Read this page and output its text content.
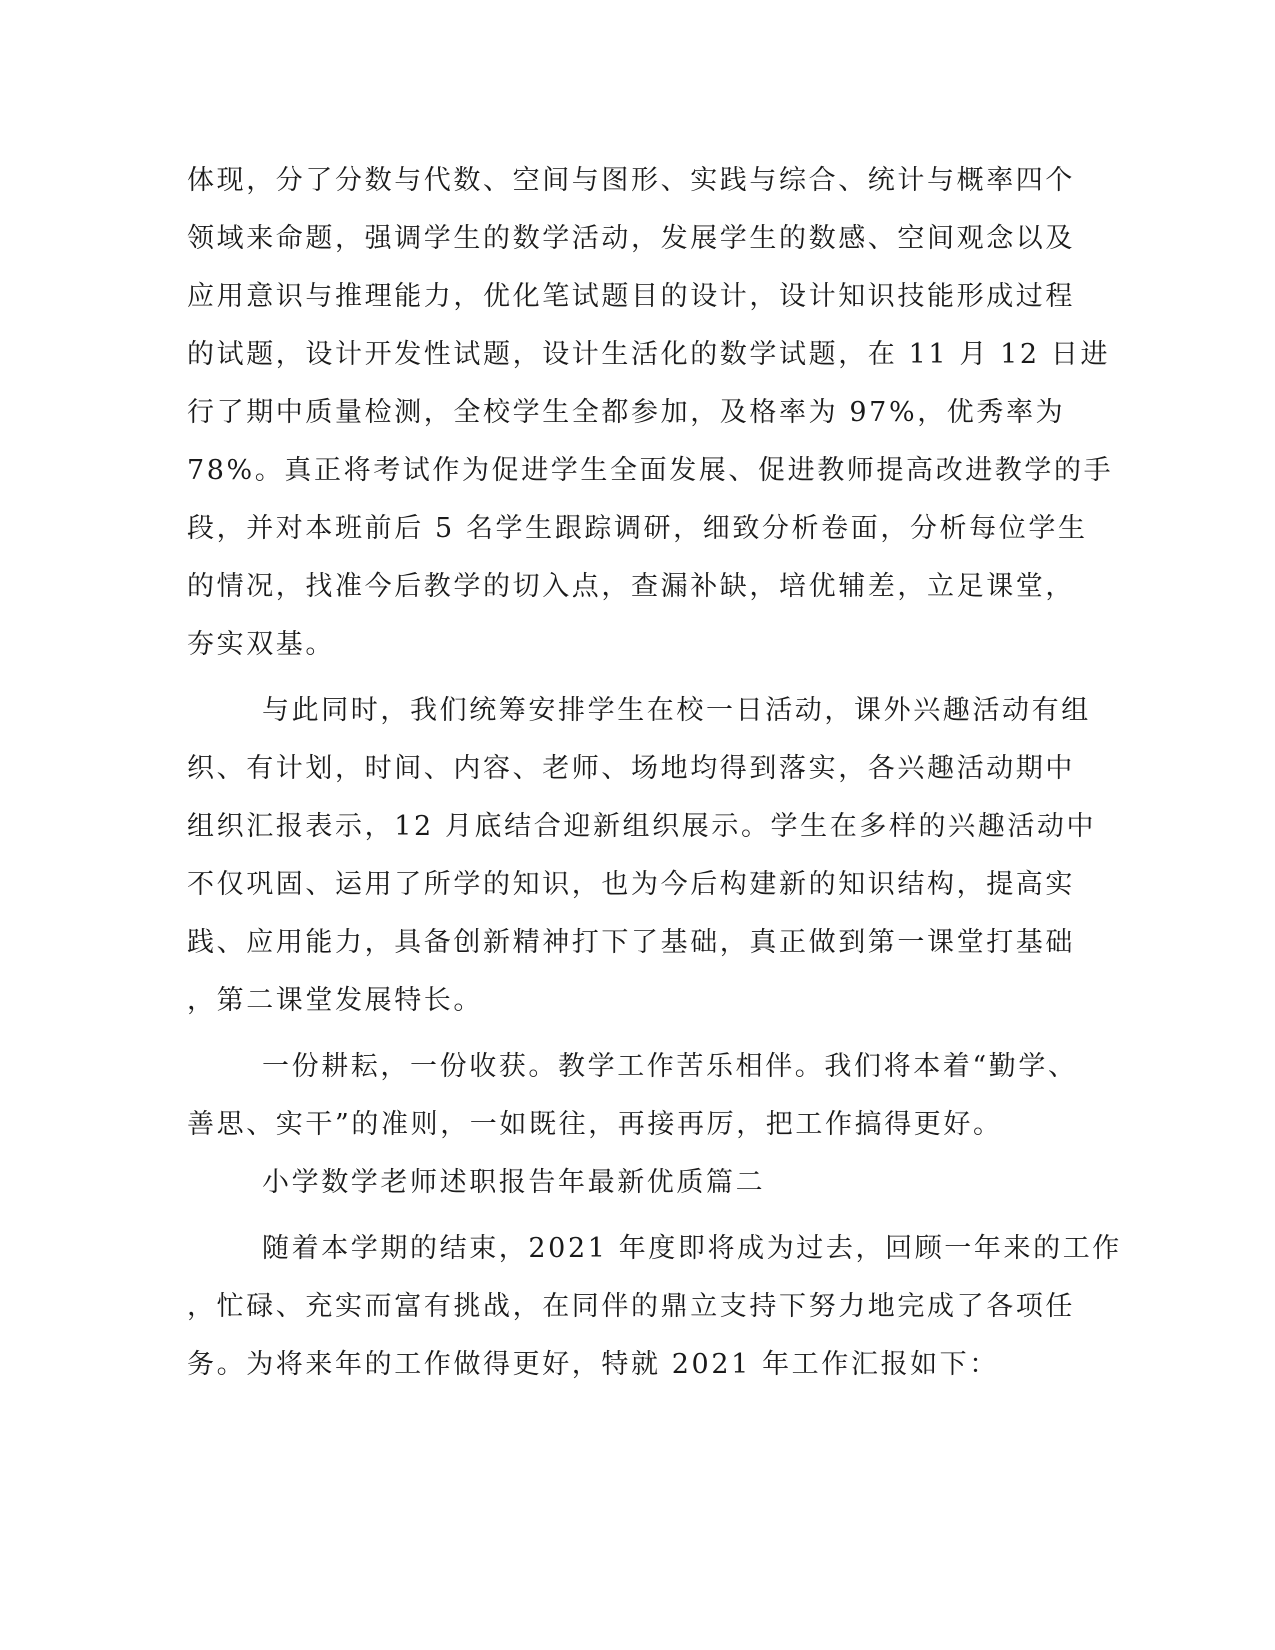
体现，分了分数与代数、空间与图形、实践与综合、统计与概率四个
领域来命题，强调学生的数学活动，发展学生的数感、空间观念以及
应用意识与推理能力，优化笔试题目的设计，设计知识技能形成过程
的试题，设计开发性试题，设计生活化的数学试题，在 11 月 12 日进
行了期中质量检测，全校学生全都参加，及格率为 97%，优秀率为
78%。真正将考试作为促进学生全面发展、促进教师提高改进教学的手
段，并对本班前后 5 名学生跟踪调研，细致分析卷面，分析每位学生
的情况，找准今后教学的切入点，查漏补缺，培优辅差，立足课堂，
夯实双基。
与此同时，我们统筹安排学生在校一日活动，课外兴趣活动有组
织、有计划，时间、内容、老师、场地均得到落实，各兴趣活动期中
组织汇报表示，12 月底结合迎新组织展示。学生在多样的兴趣活动中
不仅巩固、运用了所学的知识，也为今后构建新的知识结构，提高实
践、应用能力，具备创新精神打下了基础，真正做到第一课堂打基础
，第二课堂发展特长。
一份耕耘，一份收获。教学工作苦乐相伴。我们将本着“勤学、
善思、实干”的准则，一如既往，再接再厉，把工作搞得更好。
小学数学老师述职报告年最新优质篇二
随着本学期的结束，2021 年度即将成为过去，回顾一年来的工作
，忙碌、充实而富有挑战，在同伴的鼎立支持下努力地完成了各项任
务。为将来年的工作做得更好，特就 2021 年工作汇报如下：
